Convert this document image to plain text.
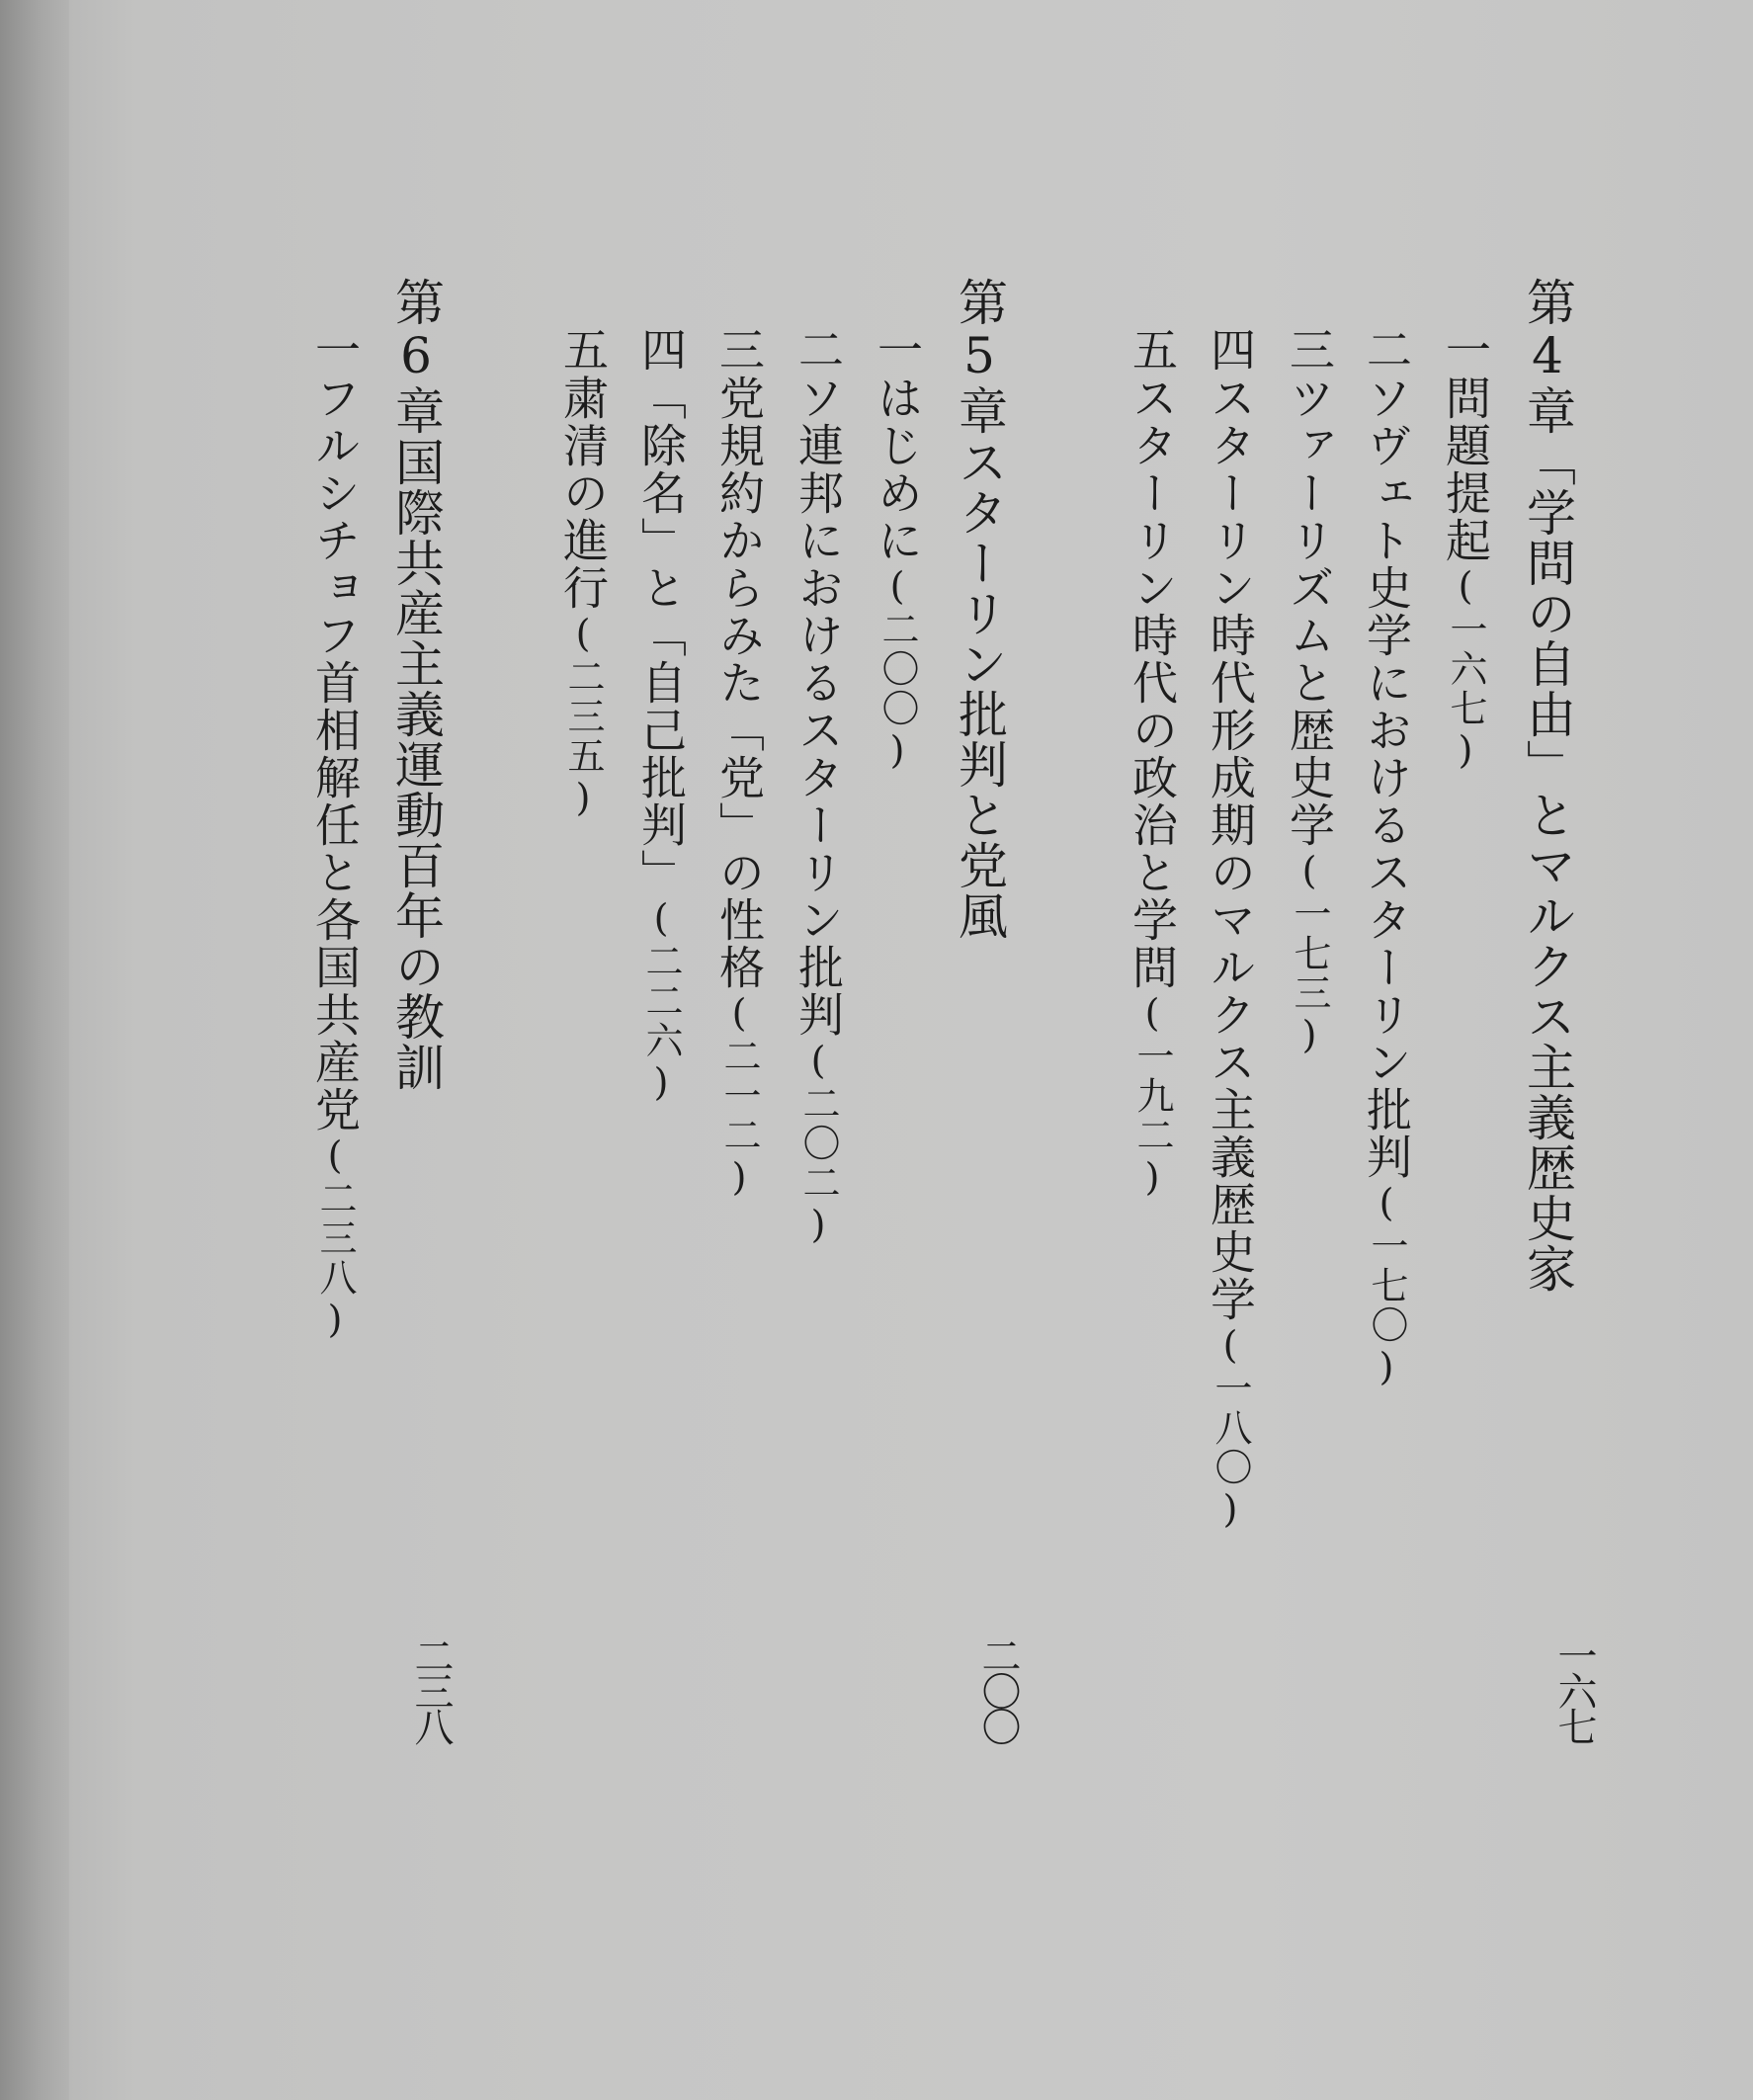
第4章「学問の自由」とマルクス主義歴史家
一六七
一問題提起(一六七)
二ソヴェト史学におけるスターリン批判(一七〇)
三ツァーリズムと歴史学(一七三)
四スターリン時代形成期のマルクス主義歴史学(一八〇)
五スターリン時代の政治と学問(一九二)
第5章スターリン批判と党風
二〇〇
一はじめに(二〇〇)
二ソ連邦におけるスターリン批判(二〇二)
三党規約からみた「党」の性格(二一二)
四「除名」と「自己批判」(二二六)
五粛清の進行(二三五)
第6章国際共産主義運動百年の教訓
二三八
一フルシチョフ首相解任と各国共産党(二三八)
